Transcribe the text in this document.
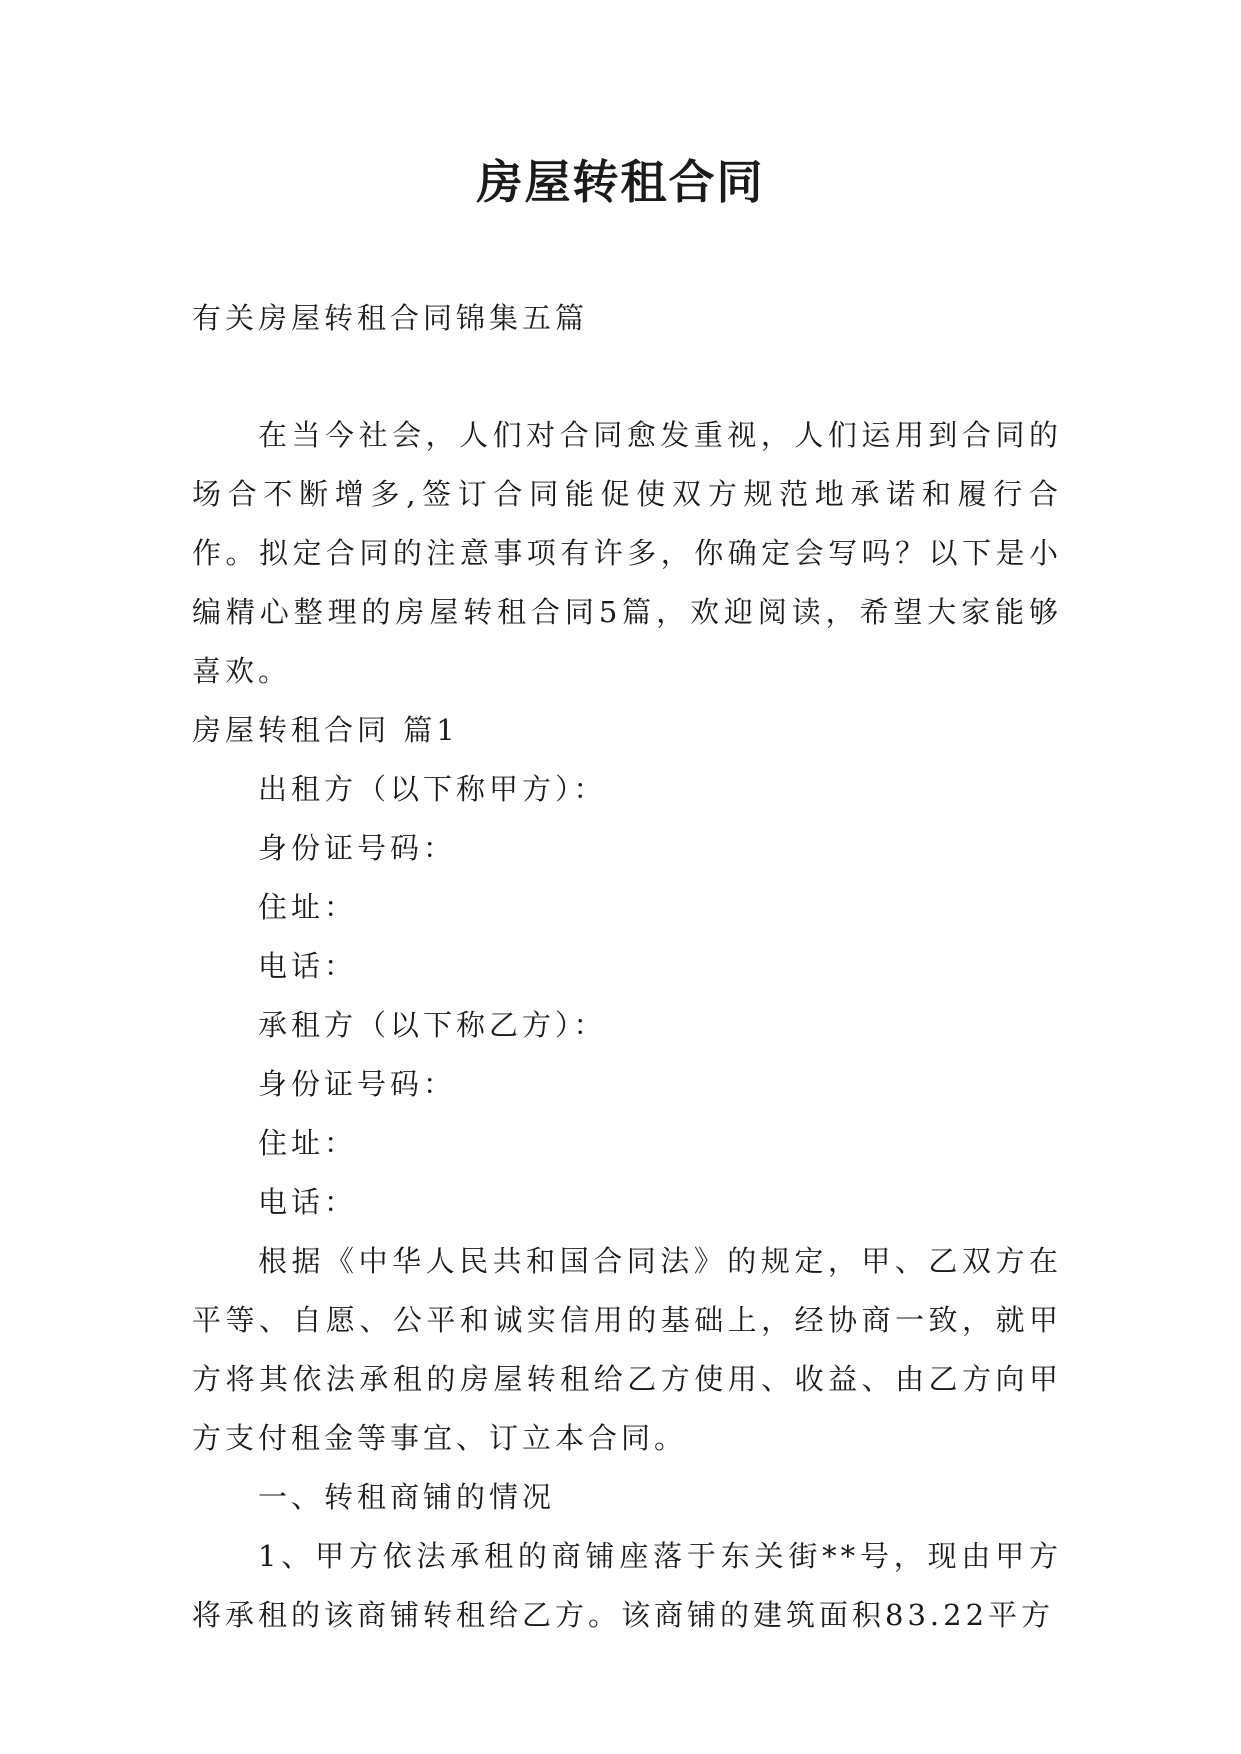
房屋转租合同

有关房屋转租合同锦集五篇

在当今社会，人们对合同愈发重视，人们运用到合同的场合不断增多,签订合同能促使双方规范地承诺和履行合作。拟定合同的注意事项有许多，你确定会写吗？以下是小编精心整理的房屋转租合同5篇，欢迎阅读，希望大家能够喜欢。

房屋转租合同 篇1

出租方（以下称甲方）：

身份证号码：

住址：

电话：

承租方（以下称乙方）：

身份证号码：

住址：

电话：

根据《中华人民共和国合同法》的规定，甲、乙双方在平等、自愿、公平和诚实信用的基础上，经协商一致，就甲方将其依法承租的房屋转租给乙方使用、收益、由乙方向甲方支付租金等事宜、订立本合同。

一、转租商铺的情况

1、甲方依法承租的商铺座落于东关街**号，现由甲方将承租的该商铺转租给乙方。该商铺的建筑面积83.22平方
